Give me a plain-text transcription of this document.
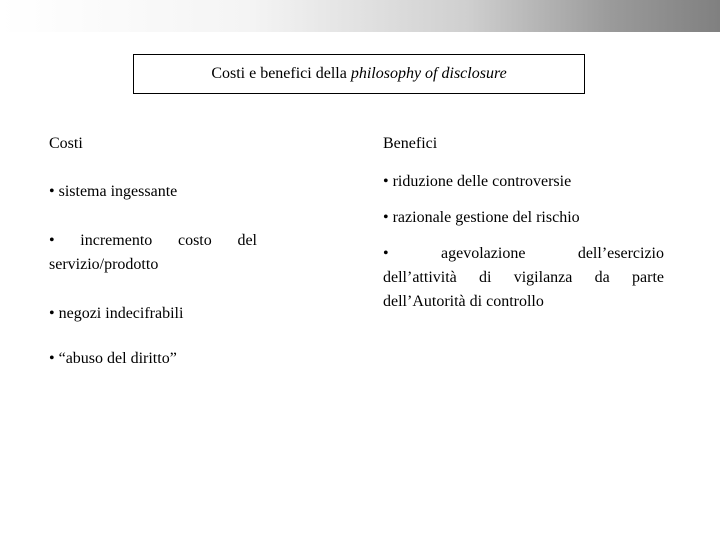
Costi e benefici della philosophy of disclosure
Costi
• sistema ingessante
• incremento costo del
servizio/prodotto
• negozi indecifrabili
• “abuso del diritto”
Benefici
• riduzione delle controversie
• razionale gestione del rischio
• agevolazione dell’esercizio
dell’attività di vigilanza da parte
dell’Autorità di controllo
